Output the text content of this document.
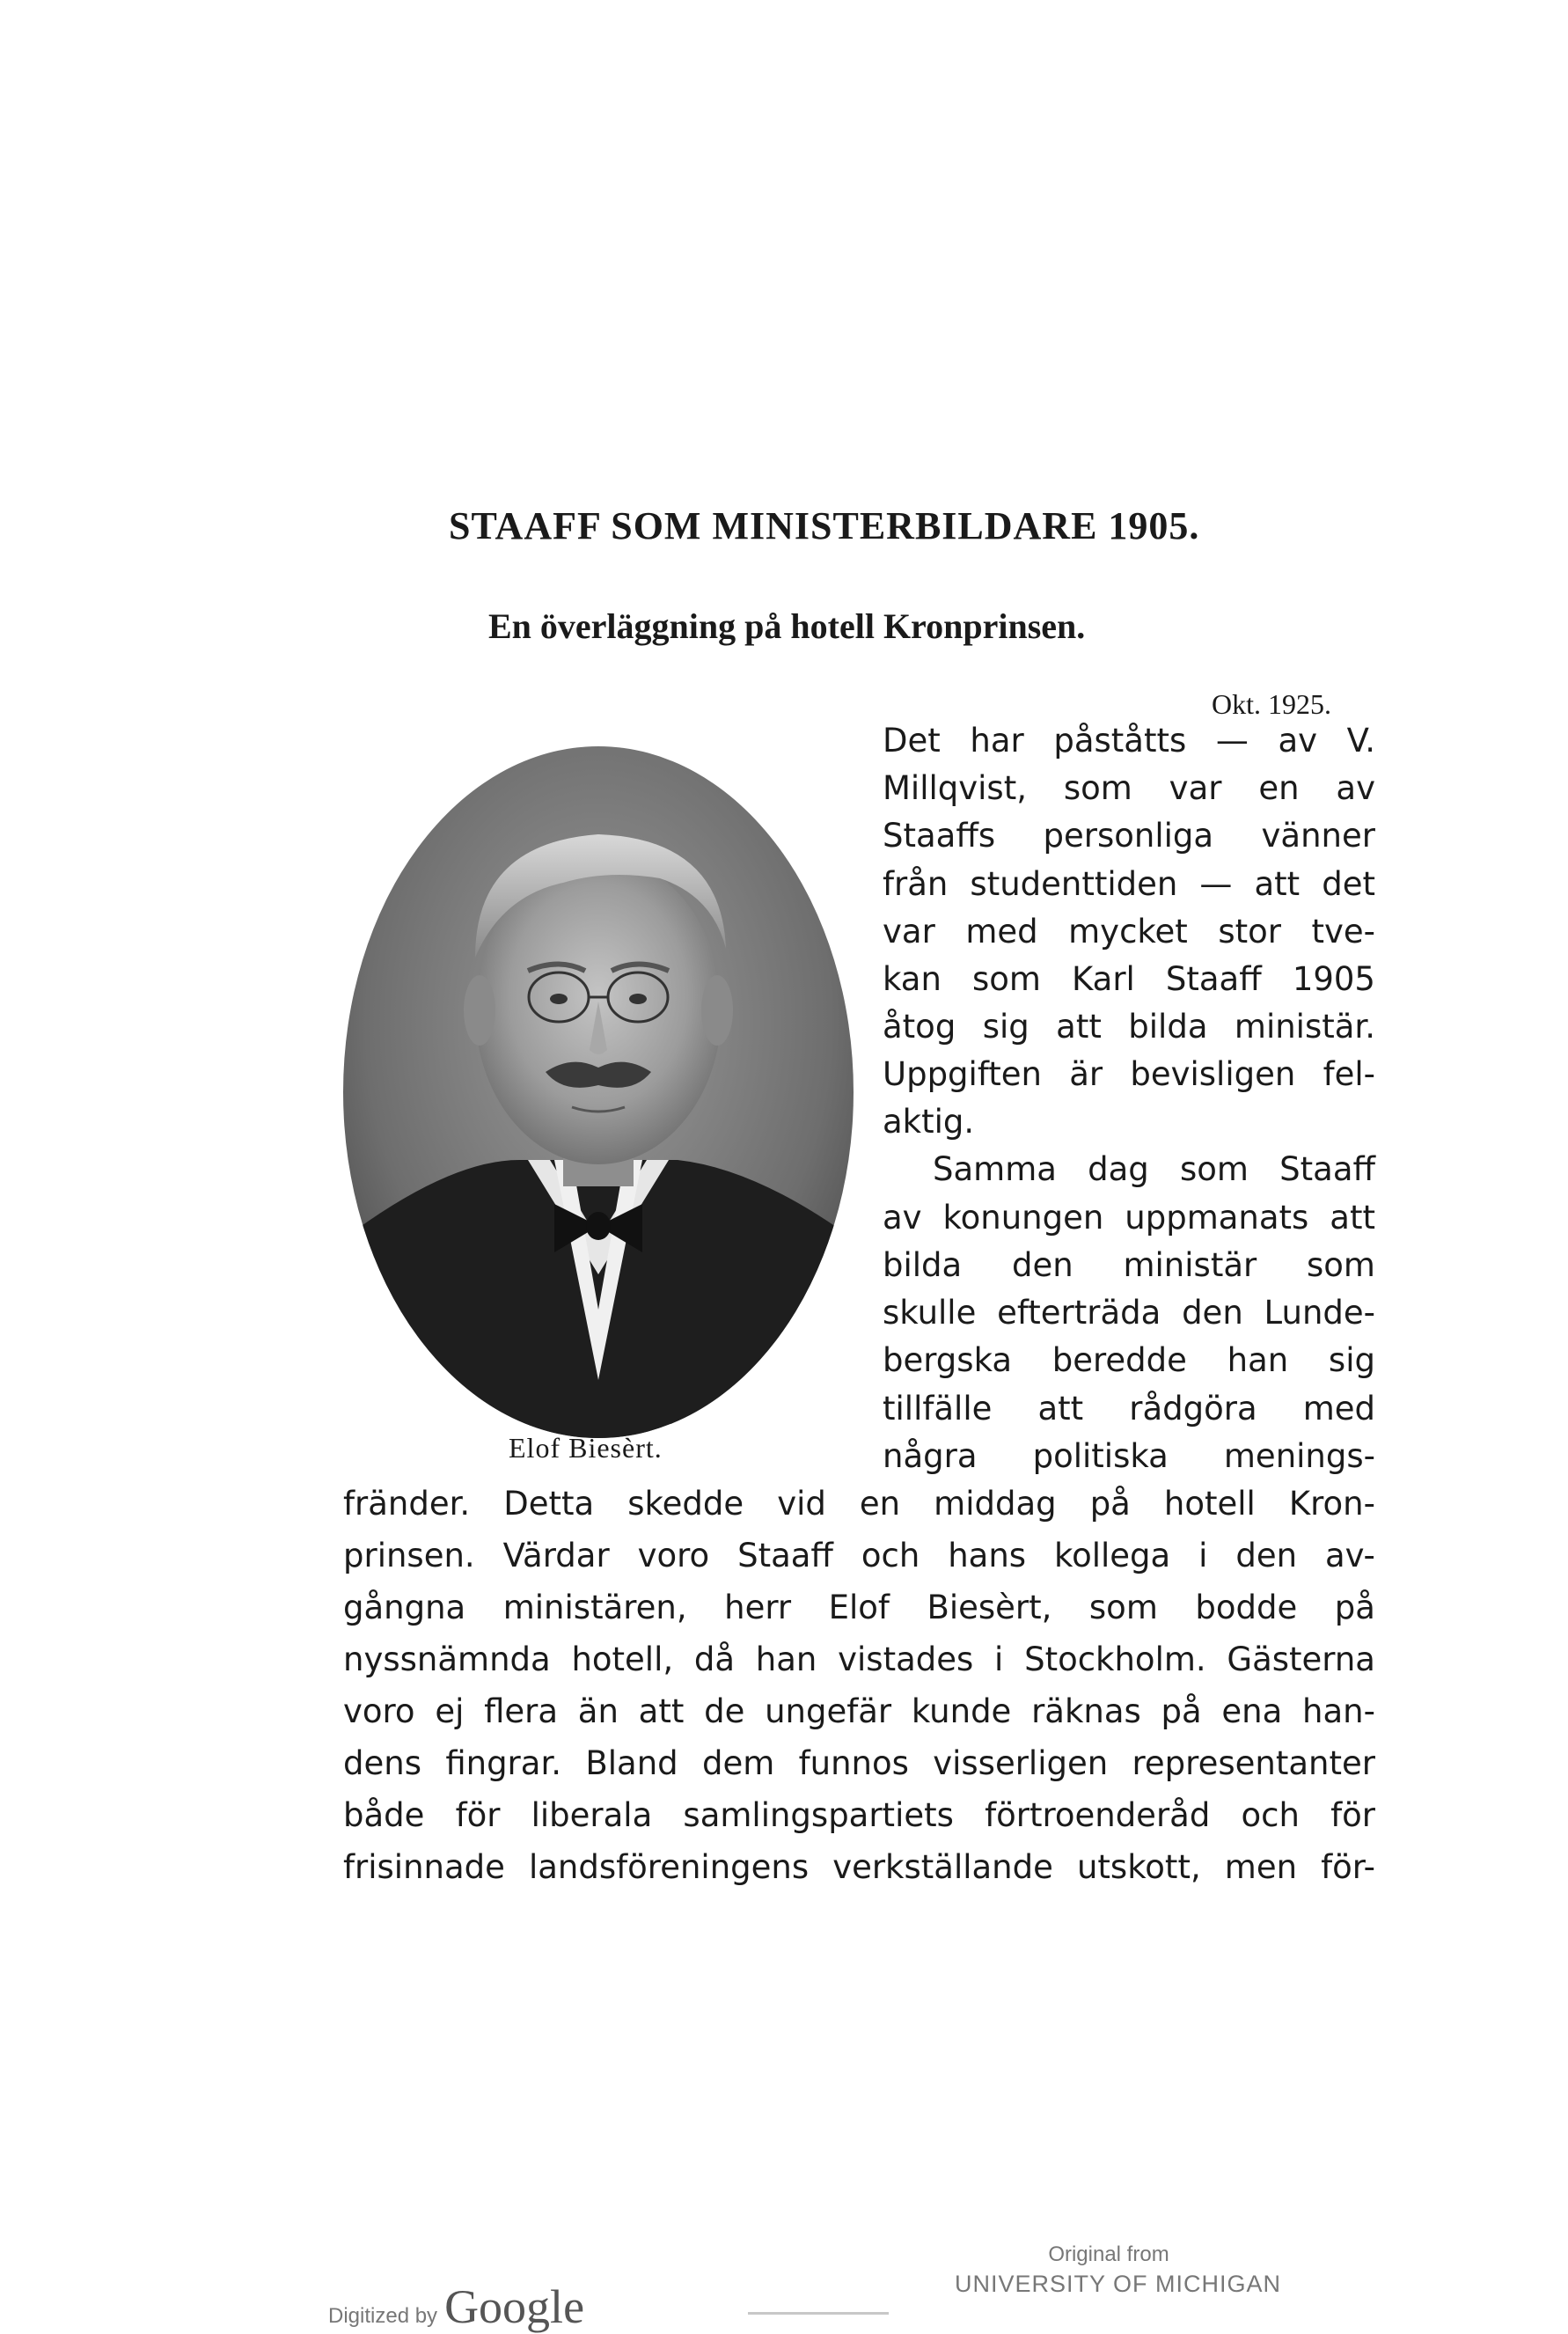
STAAFF SOM MINISTERBILDARE 1905.
En överläggning på hotell Kronprinsen.
Okt. 1925.
Elof Biesèrt.
Det har påståtts — av V.
Millqvist, som var en av
Staaffs personliga vänner
från studenttiden — att det
var med mycket stor tve-
kan som Karl Staaff 1905
åtog sig att bilda ministär.
Uppgiften är bevisligen fel-
aktig.
Samma dag som Staaff
av konungen uppmanats att
bilda den ministär som
skulle efterträda den Lunde-
bergska beredde han sig
tillfälle att rådgöra med
några politiska menings-
fränder. Detta skedde vid en middag på hotell Kron-
prinsen. Värdar voro Staaff och hans kollega i den av-
gångna ministären, herr Elof Biesèrt, som bodde på
nyssnämnda hotell, då han vistades i Stockholm. Gästerna
voro ej flera än att de ungefär kunde räknas på ena han-
dens fingrar. Bland dem funnos visserligen representanter
både för liberala samlingspartiets förtroenderåd och för
frisinnade landsföreningens verkställande utskott, men för-
Digitized by Google
Original from
UNIVERSITY OF MICHIGAN
